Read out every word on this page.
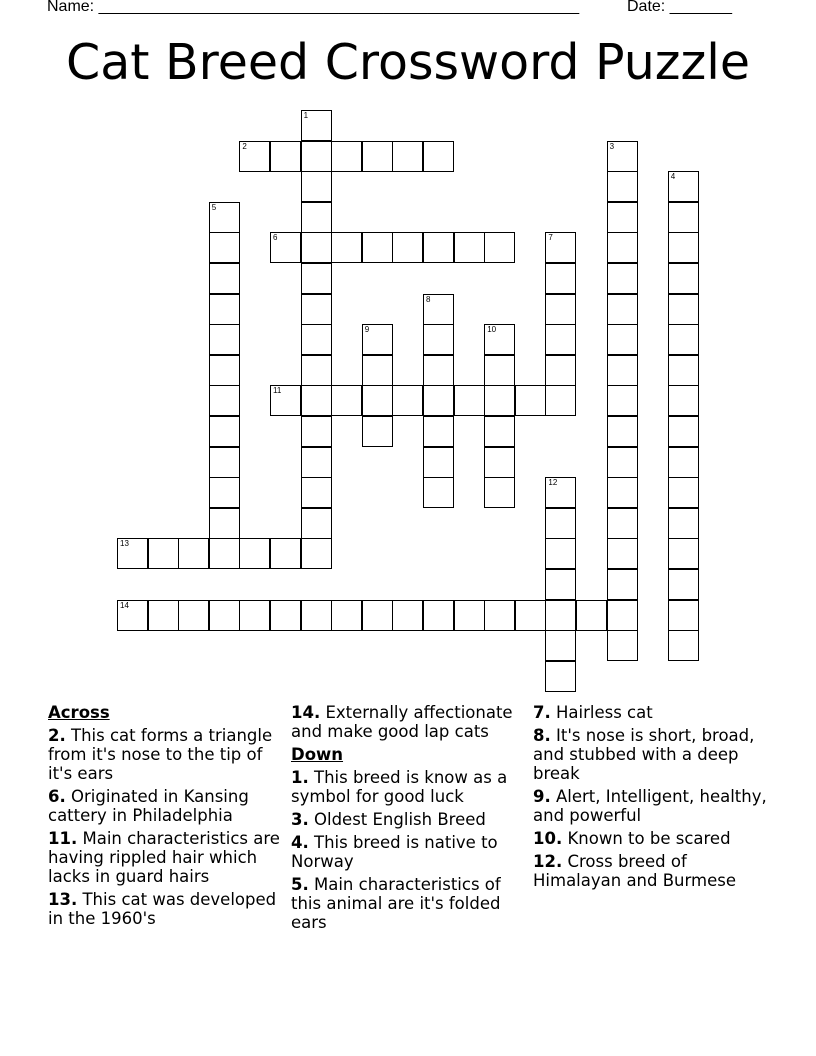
Name: ______________________________________________________	Date: _______
Cat Breed Crossword Puzzle
1
2	3
4
5
6	7
8
9	10
11
12
13
14
Across
2. This cat forms a triangle from it's nose to the tip of it's ears
6. Originated in Kansing cattery in Philadelphia
11. Main characteristics are having rippled hair which lacks in guard hairs
13. This cat was developed in the 1960's
14. Externally affectionate and make good lap cats
Down
1. This breed is know as a symbol for good luck
3. Oldest English Breed
4. This breed is native to Norway
5. Main characteristics of this animal are it's folded ears
7. Hairless cat
8. It's nose is short, broad, and stubbed with a deep break
9. Alert, Intelligent, healthy, and powerful
10. Known to be scared
12. Cross breed of Himalayan and Burmese
